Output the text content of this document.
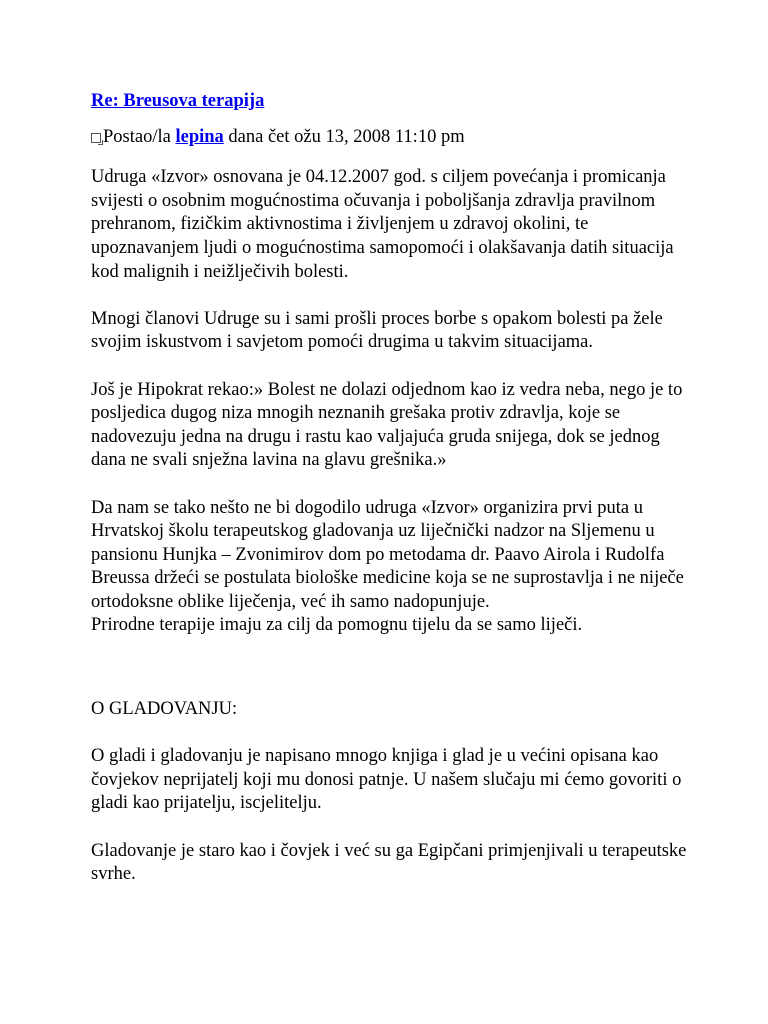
Re: Breusova terapija
Postao/la lepina dana čet ožu 13, 2008 11:10 pm
Udruga «Izvor» osnovana je 04.12.2007 god. s ciljem povećanja i promicanja svijesti o osobnim mogućnostima očuvanja i poboljšanja zdravlja pravilnom prehranom, fizičkim aktivnostima i življenjem u zdravoj okolini, te upoznavanjem ljudi o mogućnostima samopomoći i olakšavanja datih situacija kod malignih i neižlječivih bolesti.
Mnogi članovi Udruge su i sami prošli proces borbe s opakom bolesti pa žele svojim iskustvom i savjetom pomoći drugima u takvim situacijama.
Još je Hipokrat rekao:» Bolest ne dolazi odjednom kao iz vedra neba, nego je to posljedica dugog niza mnogih neznanih grešaka protiv zdravlja, koje se nadovezuju jedna na drugu i rastu kao valjajuća gruda snijega, dok se jednog dana ne svali snježna lavina na glavu grešnika.»
Da nam se tako nešto ne bi dogodilo udruga «Izvor» organizira prvi puta u Hrvatskoj školu terapeutskog gladovanja uz liječnički nadzor na Sljemenu u pansionu Hunjka – Zvonimirov dom po metodama dr. Paavo Airola i Rudolfa Breussa držeći se postulata biološke medicine koja se ne suprostavlja i ne niječe ortodoksne oblike liječenja, već ih samo nadopunjuje.
Prirodne terapije imaju za cilj da pomognu tijelu da se samo liječi.
O GLADOVANJU:
O gladi i gladovanju je napisano mnogo knjiga i glad je u većini opisana kao čovjekov neprijatelj koji mu donosi patnje. U našem slučaju mi ćemo govoriti o gladi kao prijatelju, iscjelitelju.
Gladovanje je staro kao i čovjek i već su ga Egipčani primjenjivali u terapeutske svrhe.
